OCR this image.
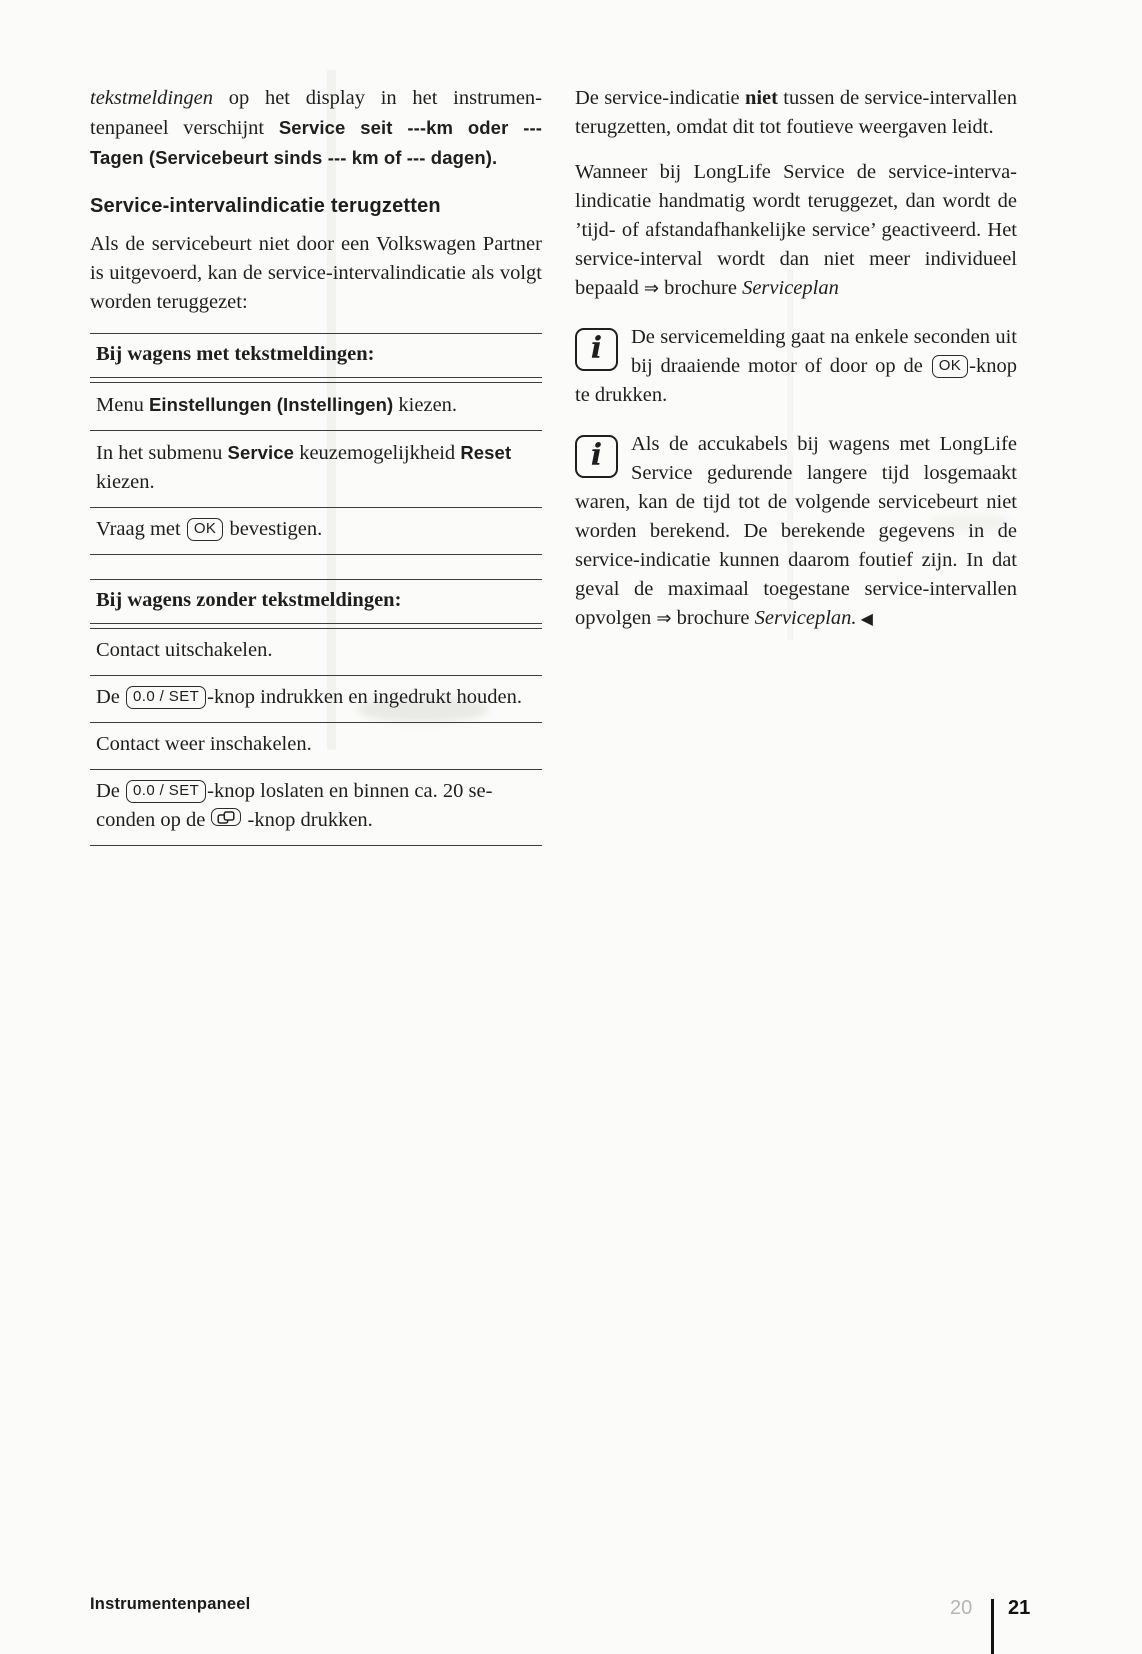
tekstmeldingen op het display in het instrumentenpaneel verschijnt Service seit ---km oder --- Tagen (Servicebeurt sinds --- km of --- dagen).

Service-intervalindicatie terugzetten

Als de servicebeurt niet door een Volkswagen Partner is uitgevoerd, kan de service-intervalindicatie als volgt worden teruggezet:

Bij wagens met tekstmeldingen:
Menu Einstellungen (Instellingen) kiezen.
In het submenu Service keuzemogelijkheid Reset kiezen.
Vraag met OK bevestigen.
Bij wagens zonder tekstmeldingen:
Contact uitschakelen.
De 0.0 / SET -knop indrukken en ingedrukt houden.
Contact weer inschakelen.
De 0.0 / SET -knop loslaten en binnen ca. 20 seconden op de  -knop drukken.

De service-indicatie niet tussen de service-intervallen terugzetten, omdat dit tot foutieve weergaven leidt.

Wanneer bij LongLife Service de service-intervalindicatie handmatig wordt teruggezet, dan wordt de ’tijd- of afstandafhankelijke service’ geactiveerd. Het service-interval wordt dan niet meer individueel bepaald ⇒ brochure Serviceplan

i De servicemelding gaat na enkele seconden uit bij draaiende motor of door op de OK -knop te drukken.

i Als de accukabels bij wagens met LongLife Service gedurende langere tijd losgemaakt waren, kan de tijd tot de volgende servicebeurt niet worden berekend. De berekende gegevens in de service-indicatie kunnen daarom foutief zijn. In dat geval de maximaal toegestane service-intervallen opvolgen ⇒ brochure Serviceplan. ◀

Instrumentenpaneel	20 21
